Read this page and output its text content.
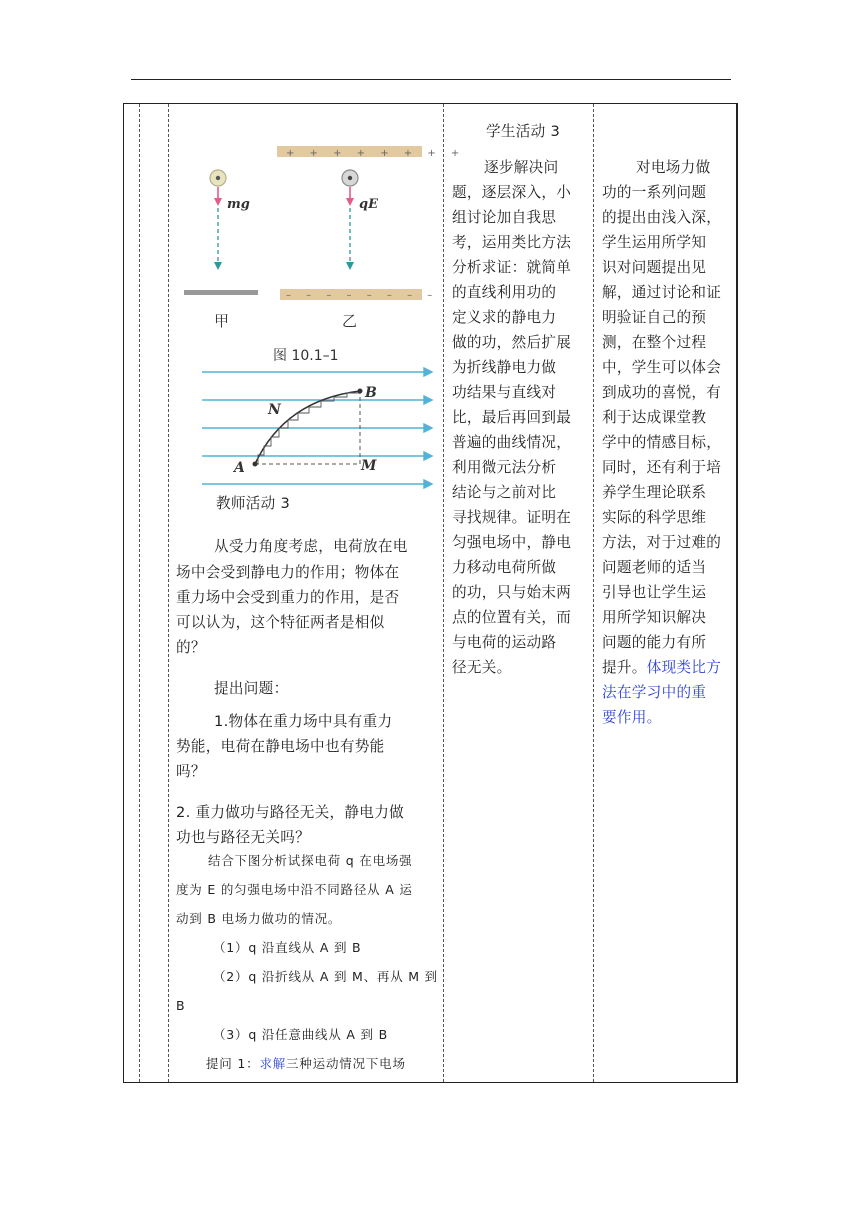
+ + + + + + + +
mg	qE
– – – – – – – –
甲	乙
图 10.1–1
A
B
M
N
教师活动 3
从受力角度考虑，电荷放在电
场中会受到静电力的作用；物体在
重力场中会受到重力的作用，是否
可以认为，这个特征两者是相似
的？
提出问题：
1.物体在重力场中具有重力
势能，电荷在静电场中也有势能
吗？
2. 重力做功与路径无关，静电力做
功也与路径无关吗？
结合下图分析试探电荷 q 在电场强
度为 E 的匀强电场中沿不同路径从 A 运
动到 B 电场力做功的情况。
（1）q 沿直线从 A 到 B
（2）q 沿折线从 A 到 M、再从 M 到
B
（3）q 沿任意曲线从 A 到 B
提问 1：求解三种运动情况下电场
学生活动 3
逐步解决问
题，逐层深入，小
组讨论加自我思
考，运用类比方法
分析求证：就简单
的直线利用功的
定义求的静电力
做的功，然后扩展
为折线静电力做
功结果与直线对
比，最后再回到最
普遍的曲线情况，
利用微元法分析
结论与之前对比
寻找规律。证明在
匀强电场中，静电
力移动电荷所做
的功，只与始末两
点的位置有关，而
与电荷的运动路
径无关。
对电场力做
功的一系列问题
的提出由浅入深，
学生运用所学知
识对问题提出见
解，通过讨论和证
明验证自己的预
测，在整个过程
中，学生可以体会
到成功的喜悦，有
利于达成课堂教
学中的情感目标，
同时，还有利于培
养学生理论联系
实际的科学思维
方法，对于过难的
问题老师的适当
引导也让学生运
用所学知识解决
问题的能力有所
提升。体现类比方
法在学习中的重
要作用。
